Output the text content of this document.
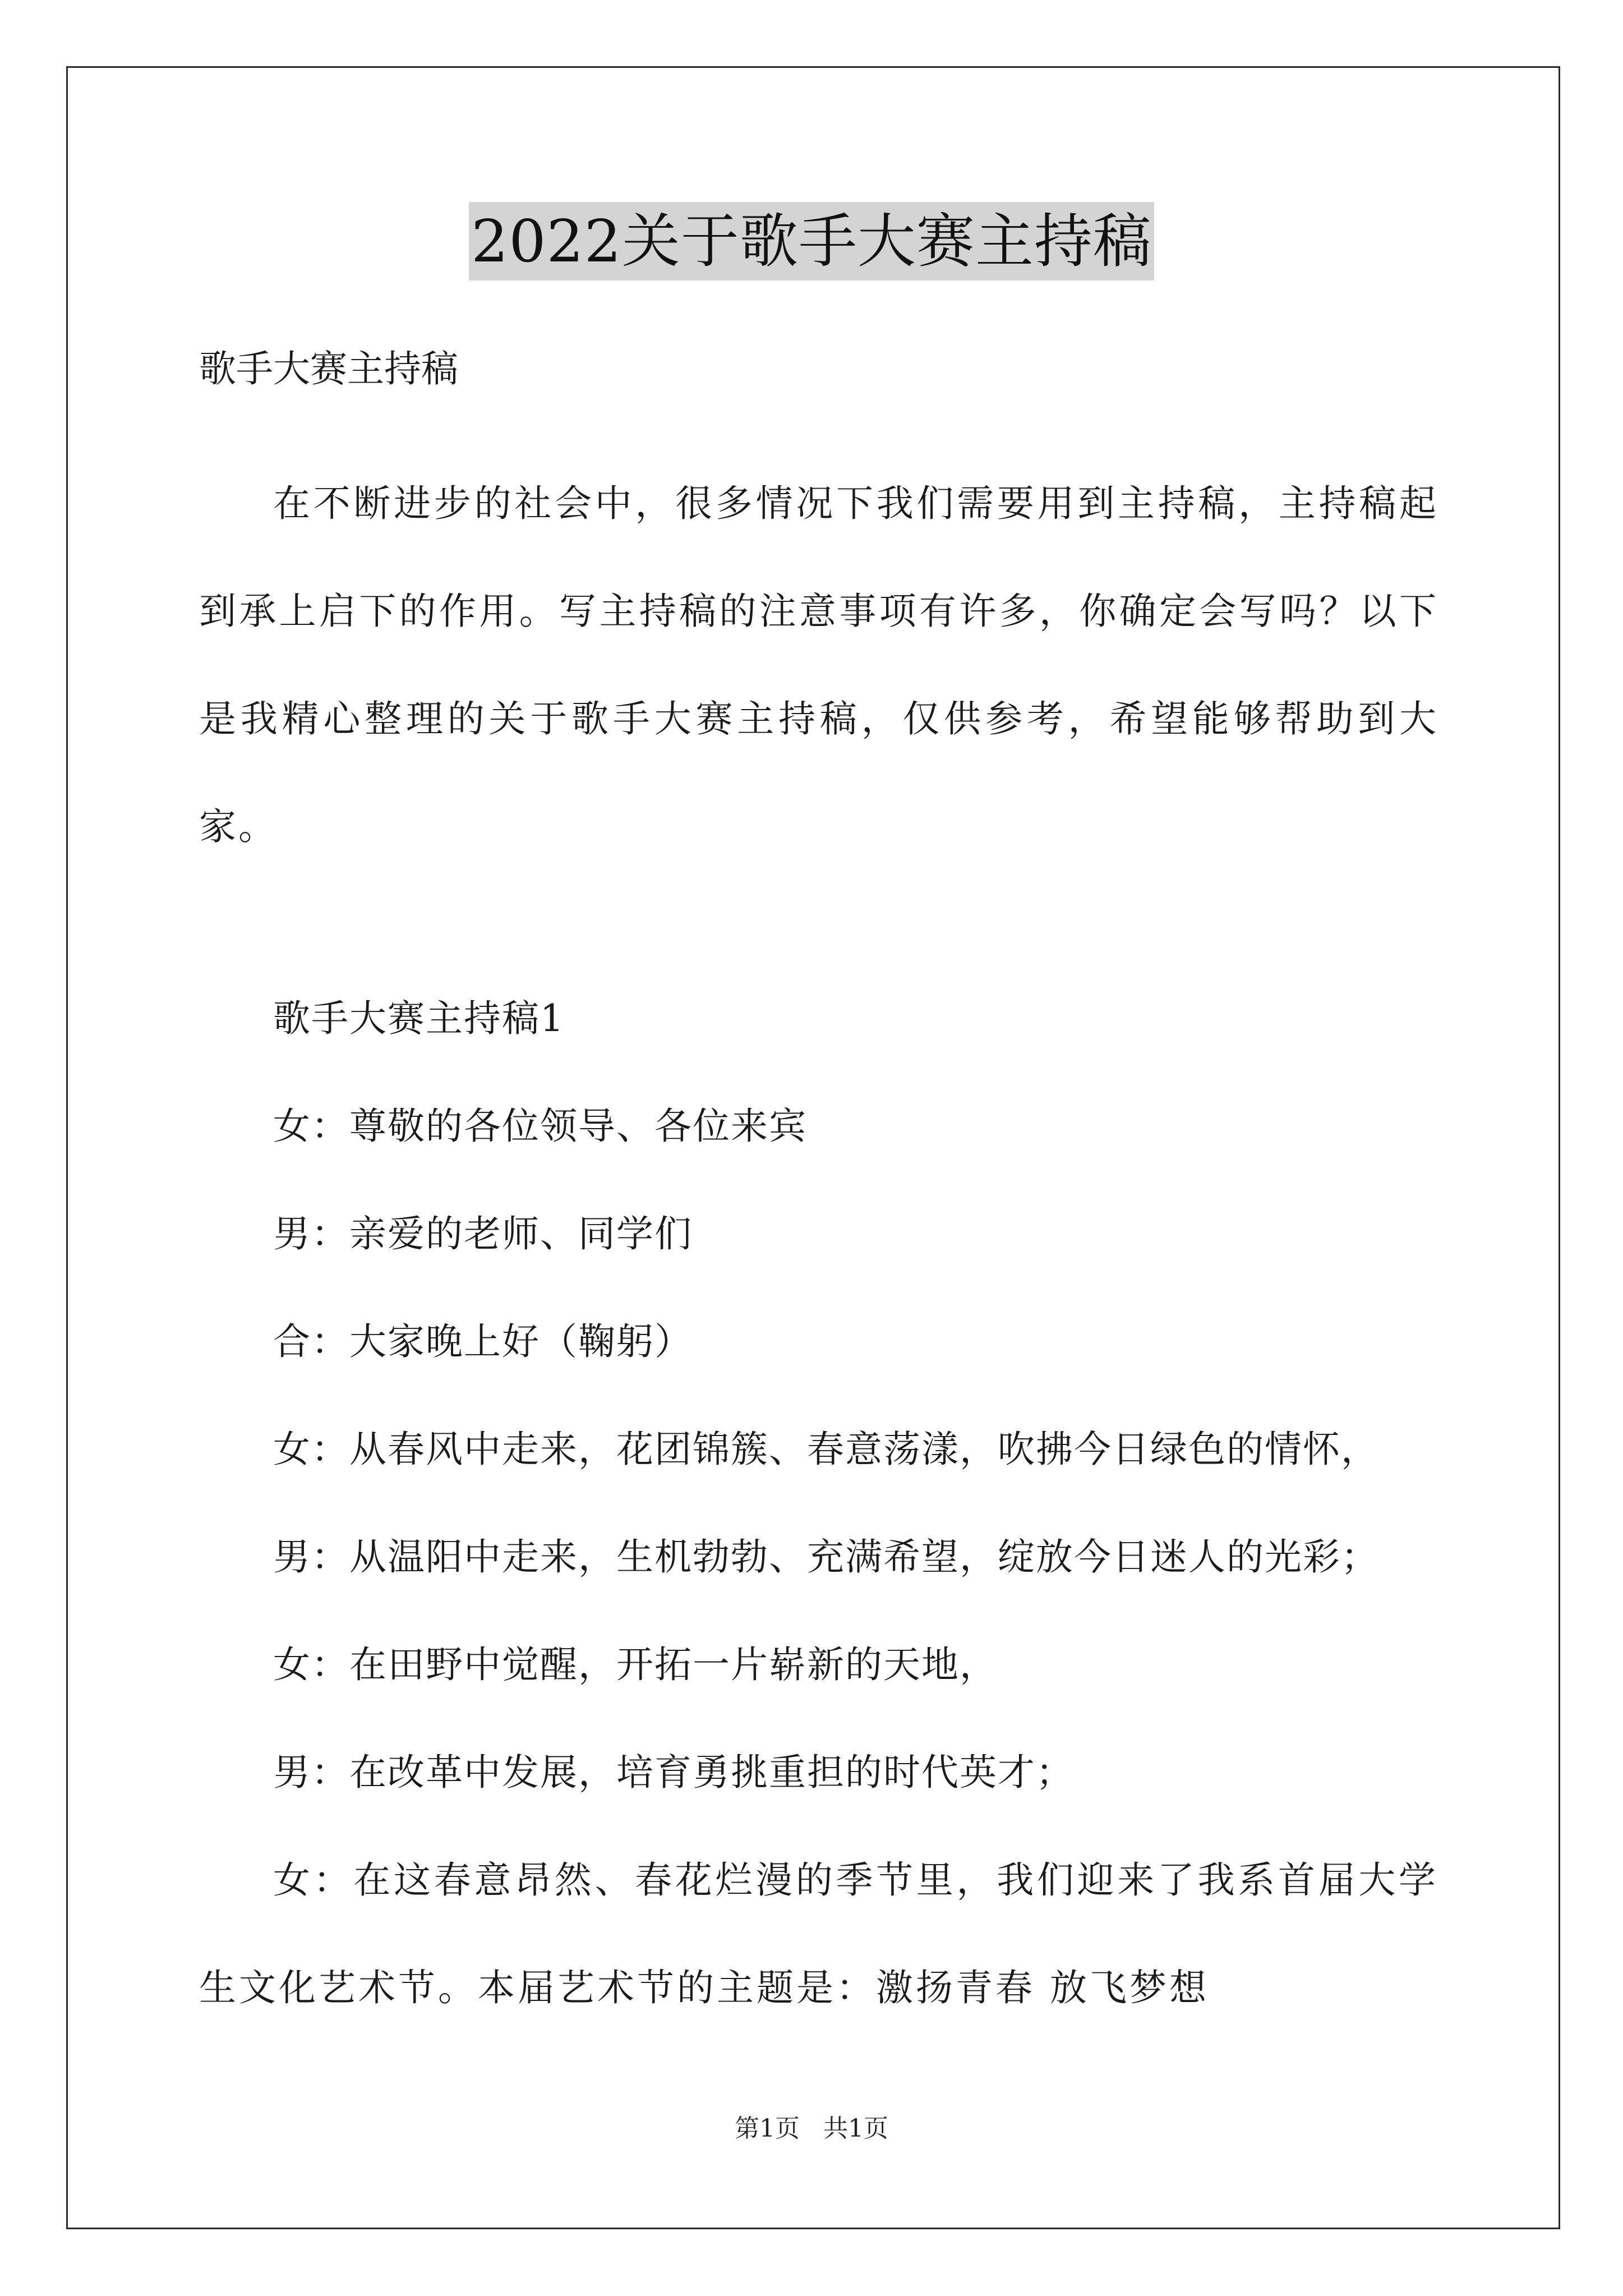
2022关于歌手大赛主持稿

歌手大赛主持稿

在不断进步的社会中，很多情况下我们需要用到主持稿，主持稿起到承上启下的作用。写主持稿的注意事项有许多，你确定会写吗？以下是我精心整理的关于歌手大赛主持稿，仅供参考，希望能够帮助到大家。

歌手大赛主持稿1

女：尊敬的各位领导、各位来宾

男：亲爱的老师、同学们

合：大家晚上好（鞠躬）

女：从春风中走来，花团锦簇、春意荡漾，吹拂今日绿色的情怀，

男：从温阳中走来，生机勃勃、充满希望，绽放今日迷人的光彩；

女：在田野中觉醒，开拓一片崭新的天地，

男：在改革中发展，培育勇挑重担的时代英才；

女：在这春意昂然、春花烂漫的季节里，我们迎来了我系首届大学生文化艺术节。本届艺术节的主题是：激扬青春 放飞梦想

第1页   共1页
